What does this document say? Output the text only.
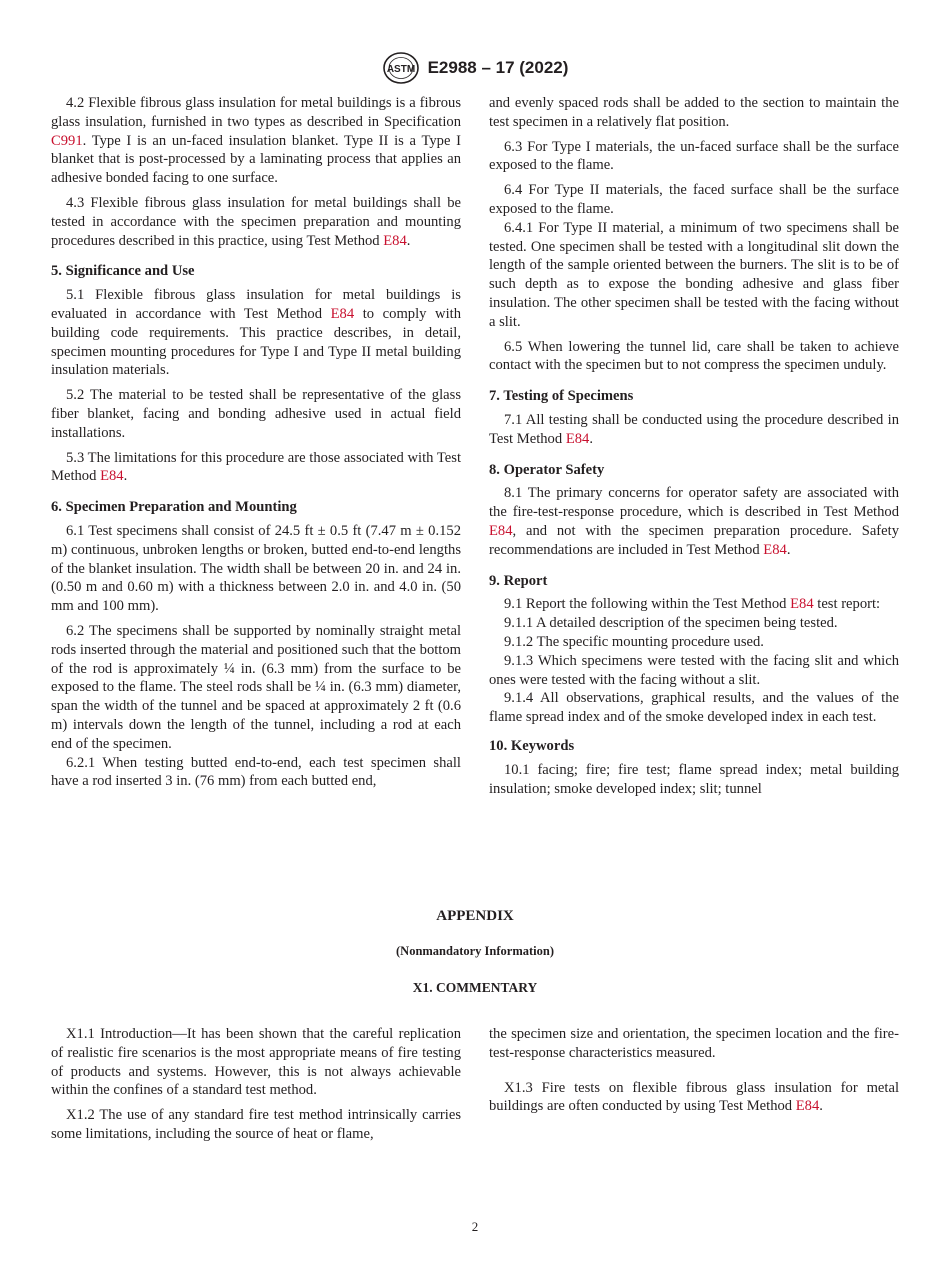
ASTM E2988 – 17 (2022)

4.2 Flexible fibrous glass insulation for metal buildings is a fibrous glass insulation, furnished in two types as described in Specification C991. Type I is an un-faced insulation blanket. Type II is a Type I blanket that is post-processed by a laminating process that applies an adhesive bonded facing to one surface.

4.3 Flexible fibrous glass insulation for metal buildings shall be tested in accordance with the specimen preparation and mounting procedures described in this practice, using Test Method E84.

5. Significance and Use

5.1 Flexible fibrous glass insulation for metal buildings is evaluated in accordance with Test Method E84 to comply with building code requirements. This practice describes, in detail, specimen mounting procedures for Type I and Type II metal building insulation materials.

5.2 The material to be tested shall be representative of the glass fiber blanket, facing and bonding adhesive used in actual field installations.

5.3 The limitations for this procedure are those associated with Test Method E84.

6. Specimen Preparation and Mounting

6.1 Test specimens shall consist of 24.5 ft ± 0.5 ft (7.47 m ± 0.152 m) continuous, unbroken lengths or broken, butted end-to-end lengths of the blanket insulation. The width shall be between 20 in. and 24 in. (0.50 m and 0.60 m) with a thickness between 2.0 in. and 4.0 in. (50 mm and 100 mm).

6.2 The specimens shall be supported by nominally straight metal rods inserted through the material and positioned such that the bottom of the rod is approximately ¼ in. (6.3 mm) from the surface to be exposed to the flame. The steel rods shall be ¼ in. (6.3 mm) diameter, span the width of the tunnel and be spaced at approximately 2 ft (0.6 m) intervals down the length of the tunnel, including a rod at each end of the specimen.

6.2.1 When testing butted end-to-end, each test specimen shall have a rod inserted 3 in. (76 mm) from each butted end,

and evenly spaced rods shall be added to the section to maintain the test specimen in a relatively flat position.

6.3 For Type I materials, the un-faced surface shall be the surface exposed to the flame.

6.4 For Type II materials, the faced surface shall be the surface exposed to the flame.

6.4.1 For Type II material, a minimum of two specimens shall be tested. One specimen shall be tested with a longitudinal slit down the length of the sample oriented between the burners. The slit is to be of such depth as to expose the bonding adhesive and glass fiber insulation. The other specimen shall be tested with the facing without a slit.

6.5 When lowering the tunnel lid, care shall be taken to achieve contact with the specimen but to not compress the specimen unduly.

7. Testing of Specimens

7.1 All testing shall be conducted using the procedure described in Test Method E84.

8. Operator Safety

8.1 The primary concerns for operator safety are associated with the fire-test-response procedure, which is described in Test Method E84, and not with the specimen preparation procedure. Safety recommendations are included in Test Method E84.

9. Report

9.1 Report the following within the Test Method E84 test report:

9.1.1 A detailed description of the specimen being tested.

9.1.2 The specific mounting procedure used.

9.1.3 Which specimens were tested with the facing slit and which ones were tested with the facing without a slit.

9.1.4 All observations, graphical results, and the values of the flame spread index and of the smoke developed index in each test.

10. Keywords

10.1 facing; fire; fire test; flame spread index; metal building insulation; smoke developed index; slit; tunnel

APPENDIX
(Nonmandatory Information)
X1. COMMENTARY

X1.1 Introduction—It has been shown that the careful replication of realistic fire scenarios is the most appropriate means of fire testing of products and systems. However, this is not always achievable within the confines of a standard test method.

X1.2 The use of any standard fire test method intrinsically carries some limitations, including the source of heat or flame,

the specimen size and orientation, the specimen location and the fire-test-response characteristics measured.

X1.3 Fire tests on flexible fibrous glass insulation for metal buildings are often conducted by using Test Method E84.

2
